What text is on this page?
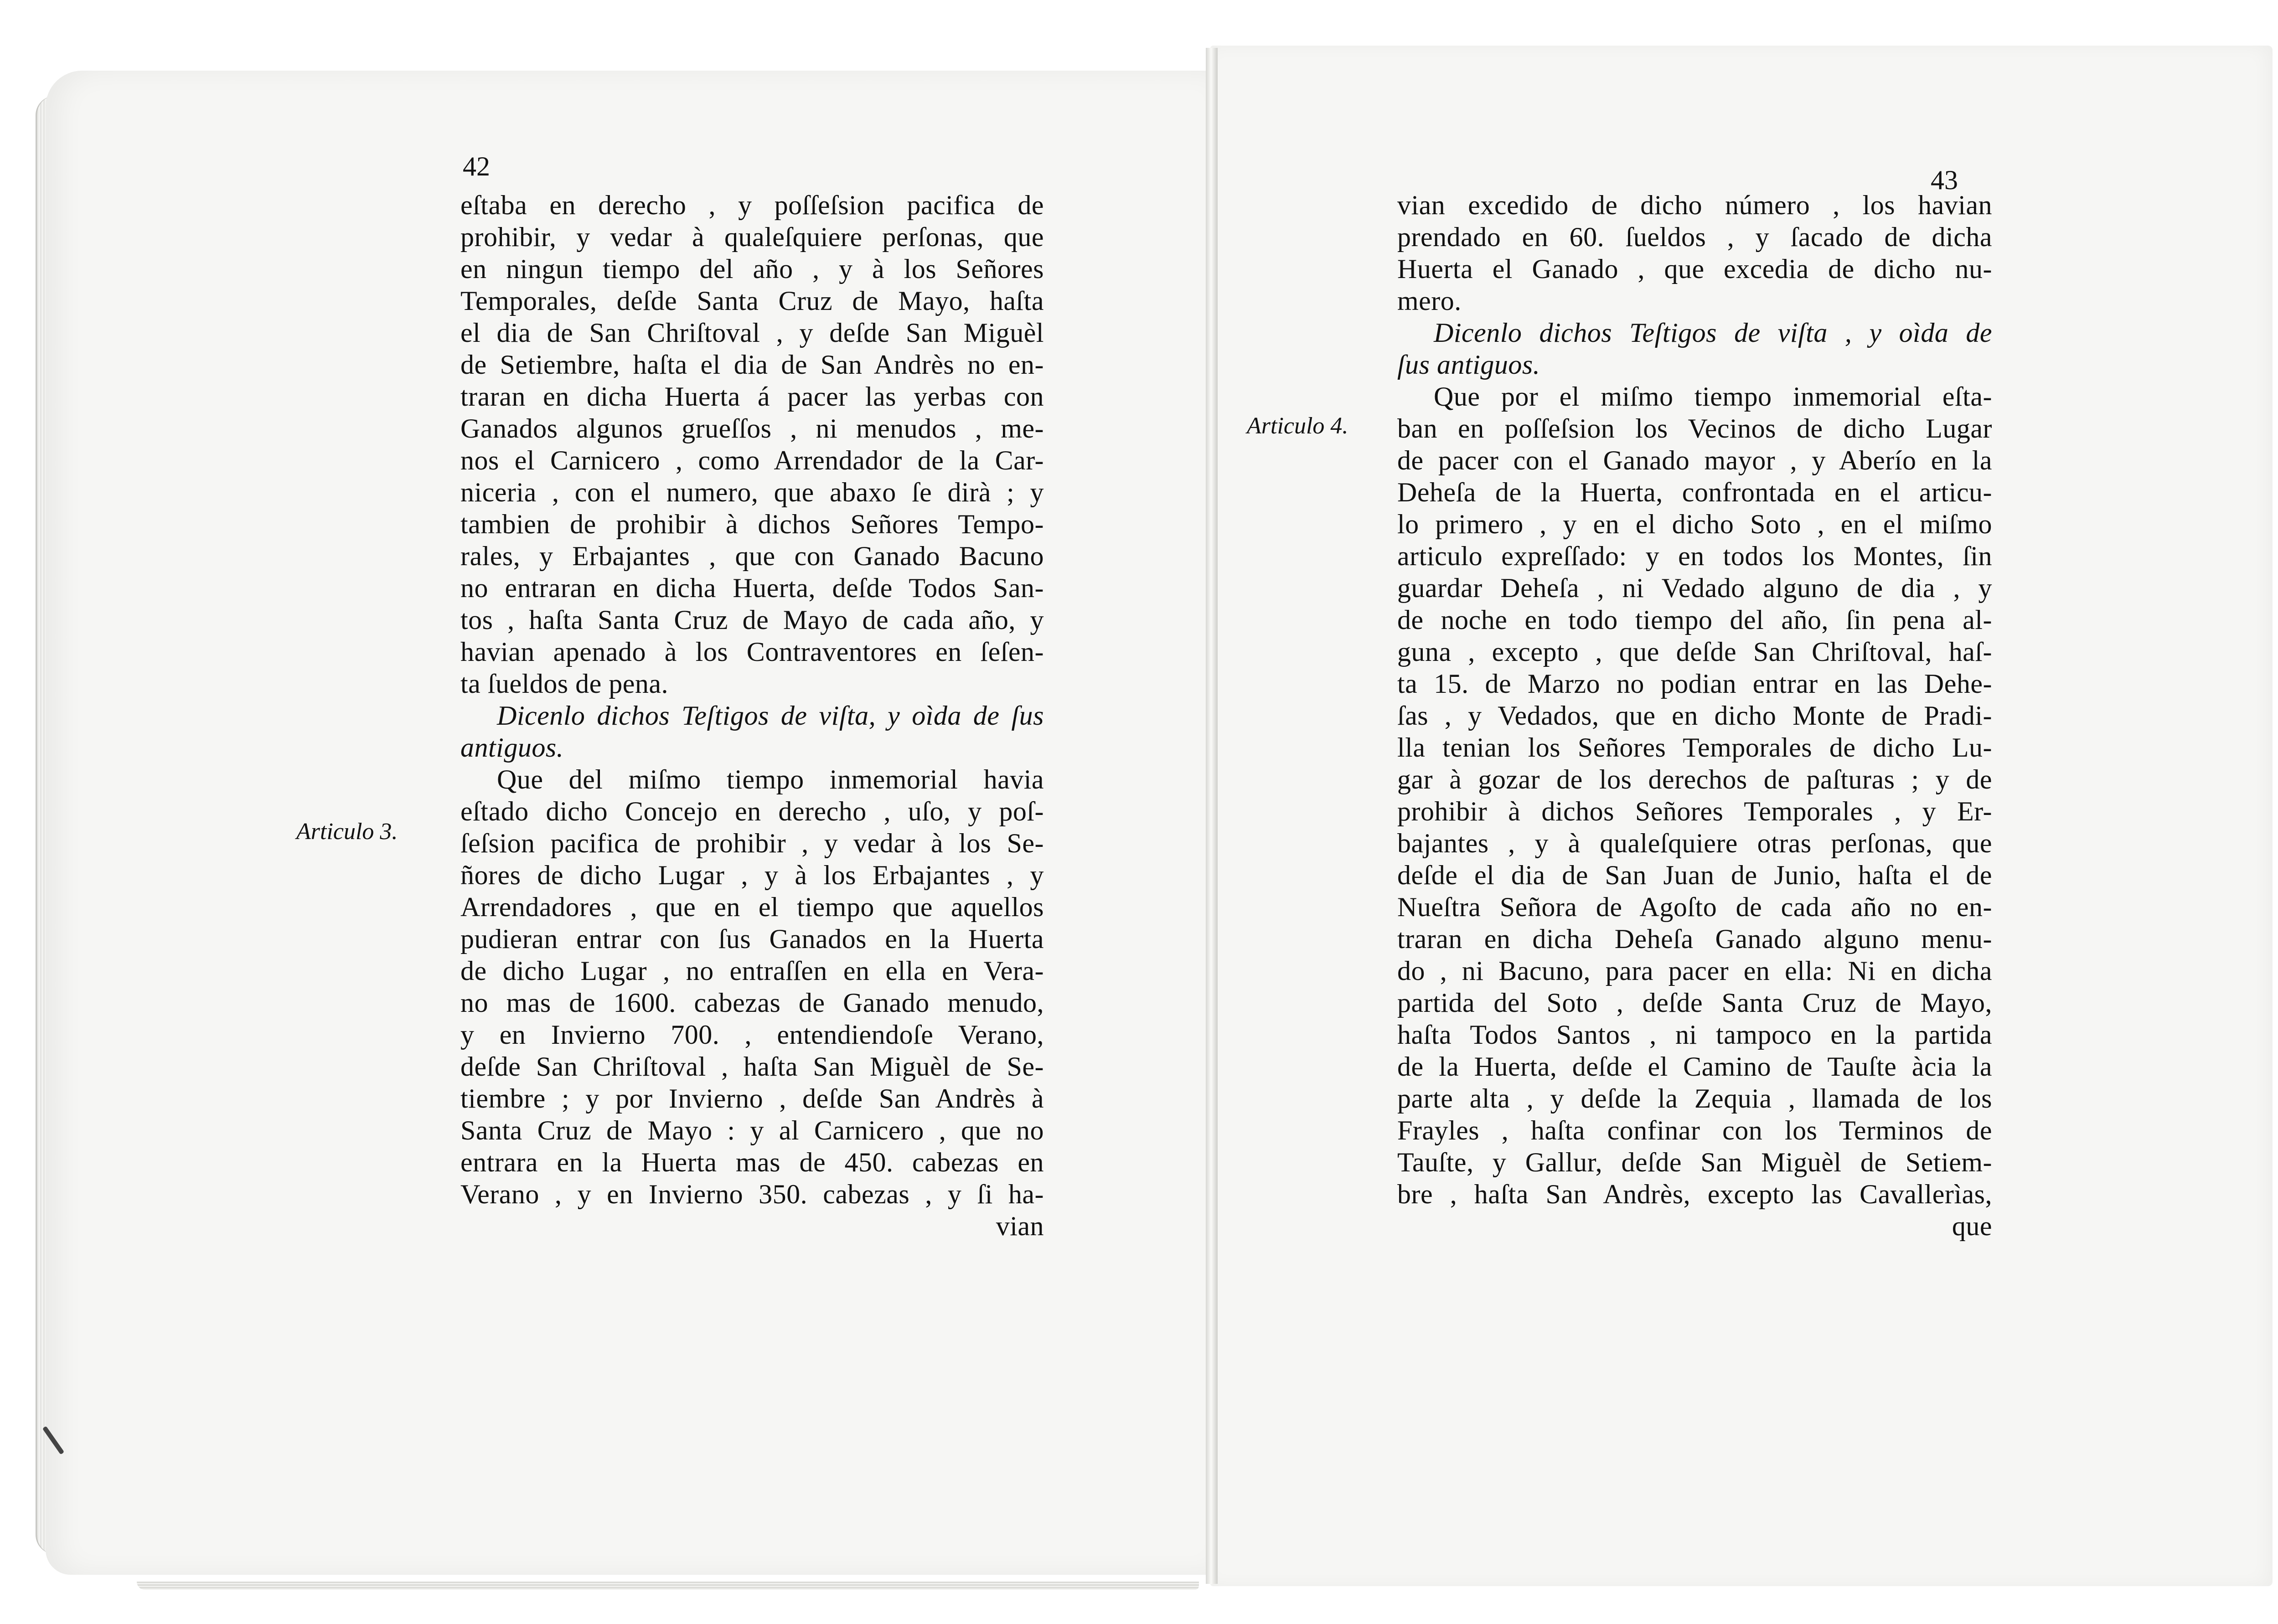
42
Articulo 3.
eſtaba en derecho , y poſſeſsion pacifica de
prohibir, y vedar à qualeſquiere perſonas, que
en ningun tiempo del año , y à los Señores
Temporales, deſde Santa Cruz de Mayo, haſta
el dia de San Chriſtoval , y deſde San Miguèl
de Setiembre, haſta el dia de San Andrès no en-
traran en dicha Huerta á pacer las yerbas con
Ganados algunos grueſſos , ni menudos , me-
nos el Carnicero , como Arrendador de la Car-
niceria , con el numero, que abaxo ſe dirà ; y
tambien de prohibir à dichos Señores Tempo-
rales, y Erbajantes , que con Ganado Bacuno
no entraran en dicha Huerta, deſde Todos San-
tos , haſta Santa Cruz de Mayo de cada año, y
havian apenado à los Contraventores en ſeſen-
ta ſueldos de pena.
Dicenlo dichos Teſtigos de viſta, y oìda de ſus
antiguos.
Que del miſmo tiempo inmemorial havia
eſtado dicho Concejo en derecho , uſo, y poſ-
ſeſsion pacifica de prohibir , y vedar à los Se-
ñores de dicho Lugar , y à los Erbajantes , y
Arrendadores , que en el tiempo que aquellos
pudieran entrar con ſus Ganados en la Huerta
de dicho Lugar , no entraſſen en ella en Vera-
no mas de 1600. cabezas de Ganado menudo,
y en Invierno 700. , entendiendoſe Verano,
deſde San Chriſtoval , haſta San Miguèl de Se-
tiembre ; y por Invierno , deſde San Andrès à
Santa Cruz de Mayo : y al Carnicero , que no
entrara en la Huerta mas de 450. cabezas en
Verano , y en Invierno 350. cabezas , y ſi ha-
vian
43
Articulo 4.
vian excedido de dicho número , los havian
prendado en 60. ſueldos , y ſacado de dicha
Huerta el Ganado , que excedia de dicho nu-
mero.
Dicenlo dichos Teſtigos de viſta , y oìda de
ſus antiguos.
Que por el miſmo tiempo inmemorial eſta-
ban en poſſeſsion los Vecinos de dicho Lugar
de pacer con el Ganado mayor , y Aberío en la
Deheſa de la Huerta, confrontada en el articu-
lo primero , y en el dicho Soto , en el miſmo
articulo expreſſado: y en todos los Montes, ſin
guardar Deheſa , ni Vedado alguno de dia , y
de noche en todo tiempo del año, ſin pena al-
guna , excepto , que deſde San Chriſtoval, haſ-
ta 15. de Marzo no podian entrar en las Dehe-
ſas , y Vedados, que en dicho Monte de Pradi-
lla tenian los Señores Temporales de dicho Lu-
gar à gozar de los derechos de paſturas ; y de
prohibir à dichos Señores Temporales , y Er-
bajantes , y à qualeſquiere otras perſonas, que
deſde el dia de San Juan de Junio, haſta el de
Nueſtra Señora de Agoſto de cada año no en-
traran en dicha Deheſa Ganado alguno menu-
do , ni Bacuno, para pacer en ella: Ni en dicha
partida del Soto , deſde Santa Cruz de Mayo,
haſta Todos Santos , ni tampoco en la partida
de la Huerta, deſde el Camino de Tauſte àcia la
parte alta , y deſde la Zequia , llamada de los
Frayles , haſta confinar con los Terminos de
Tauſte, y Gallur, deſde San Miguèl de Setiem-
bre , haſta San Andrès, excepto las Cavallerìas,
que
